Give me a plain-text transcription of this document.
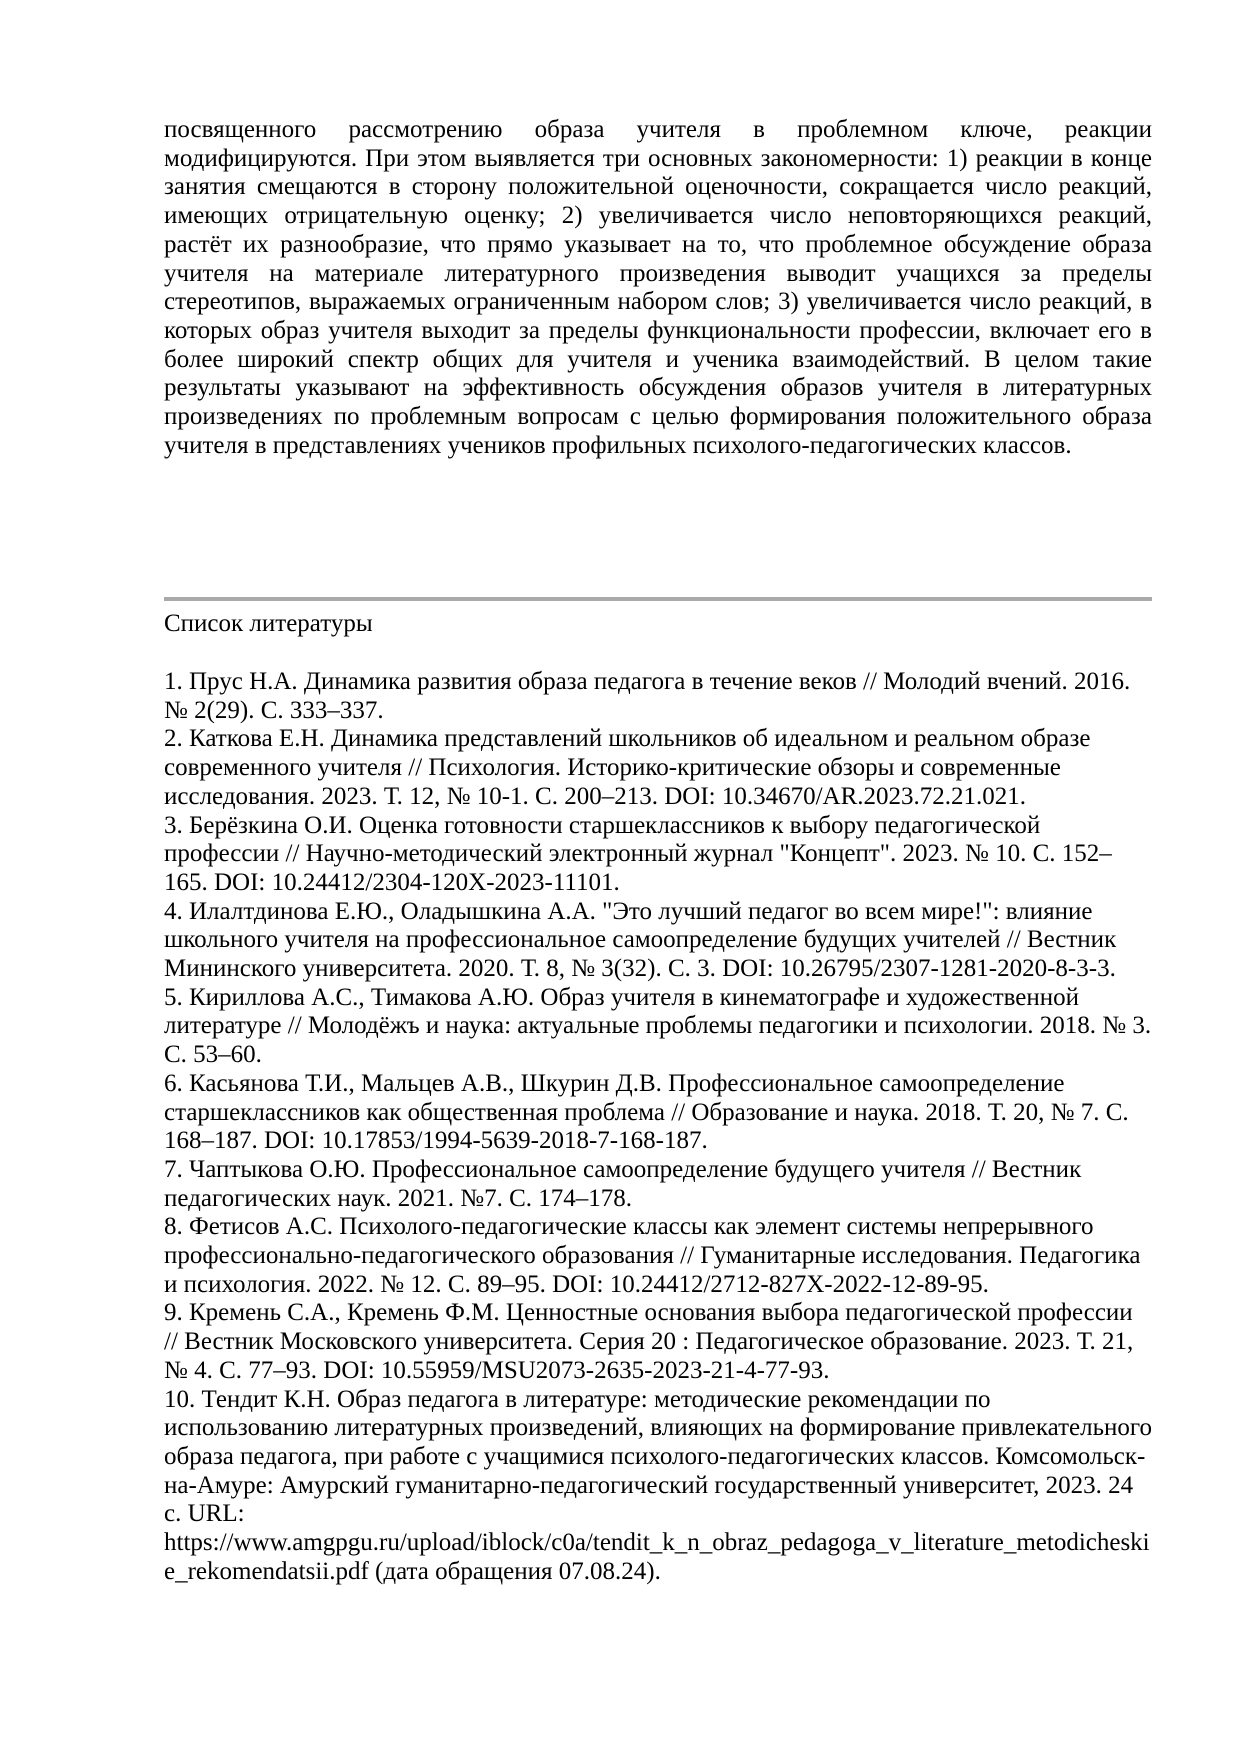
посвященного рассмотрению образа учителя в проблемном ключе, реакции модифицируются. При этом выявляется три основных закономерности: 1) реакции в конце занятия смещаются в сторону положительной оценочности, сокращается число реакций, имеющих отрицательную оценку; 2) увеличивается число неповторяющихся реакций, растёт их разнообразие, что прямо указывает на то, что проблемное обсуждение образа учителя на материале литературного произведения выводит учащихся за пределы стереотипов, выражаемых ограниченным набором слов; 3) увеличивается число реакций, в которых образ учителя выходит за пределы функциональности профессии, включает его в более широкий спектр общих для учителя и ученика взаимодействий. В целом такие результаты указывают на эффективность обсуждения образов учителя в литературных произведениях по проблемным вопросам с целью формирования положительного образа учителя в представлениях учеников профильных психолого-педагогических классов.

Список литературы

1. Прус Н.А. Динамика развития образа педагога в течение веков // Молодий вчений. 2016. № 2(29). С. 333–337.

2. Каткова Е.Н. Динамика представлений школьников об идеальном и реальном образе современного учителя // Психология. Историко-критические обзоры и современные исследования. 2023. Т. 12, № 10-1. С. 200–213. DOI: 10.34670/AR.2023.72.21.021.

3. Берёзкина О.И. Оценка готовности старшеклассников к выбору педагогической профессии // Научно-методический электронный журнал "Концепт". 2023. № 10. С. 152–165. DOI: 10.24412/2304-120X-2023-11101.

4. Илалтдинова Е.Ю., Оладышкина А.А. "Это лучший педагог во всем мире!": влияние школьного учителя на профессиональное самоопределение будущих учителей // Вестник Мининского университета. 2020. Т. 8, № 3(32). С. 3. DOI: 10.26795/2307-1281-2020-8-3-3.

5. Кириллова А.С., Тимакова А.Ю. Образ учителя в кинематографе и художественной литературе // Молодёжъ и наука: актуальные проблемы педагогики и психологии. 2018. № 3. С. 53–60.

6. Касьянова Т.И., Мальцев А.В., Шкурин Д.В. Профессиональное самоопределение старшеклассников как общественная проблема // Образование и наука. 2018. Т. 20, № 7. С. 168–187. DOI: 10.17853/1994-5639-2018-7-168-187.

7. Чаптыкова О.Ю. Профессиональное самоопределение будущего учителя // Вестник педагогических наук. 2021. №7. С. 174–178.

8. Фетисов А.С. Психолого-педагогические классы как элемент системы непрерывного профессионально-педагогического образования // Гуманитарные исследования. Педагогика и психология. 2022. № 12. С. 89–95. DOI: 10.24412/2712-827X-2022-12-89-95.

9. Кремень С.А., Кремень Ф.М. Ценностные основания выбора педагогической профессии // Вестник Московского университета. Серия 20 : Педагогическое образование. 2023. Т. 21, № 4. С. 77–93. DOI: 10.55959/MSU2073-2635-2023-21-4-77-93.

10. Тендит К.Н. Образ педагога в литературе: методические рекомендации по использованию литературных произведений, влияющих на формирование привлекательного образа педагога, при работе с учащимися психолого-педагогических классов. Комсомольск-на-Амуре: Амурский гуманитарно-педагогический государственный университет, 2023. 24 с. URL: https://www.amgpgu.ru/upload/iblock/c0a/tendit_k_n_obraz_pedagoga_v_literature_metodicheskie_rekomendatsii.pdf (дата обращения 07.08.24).
